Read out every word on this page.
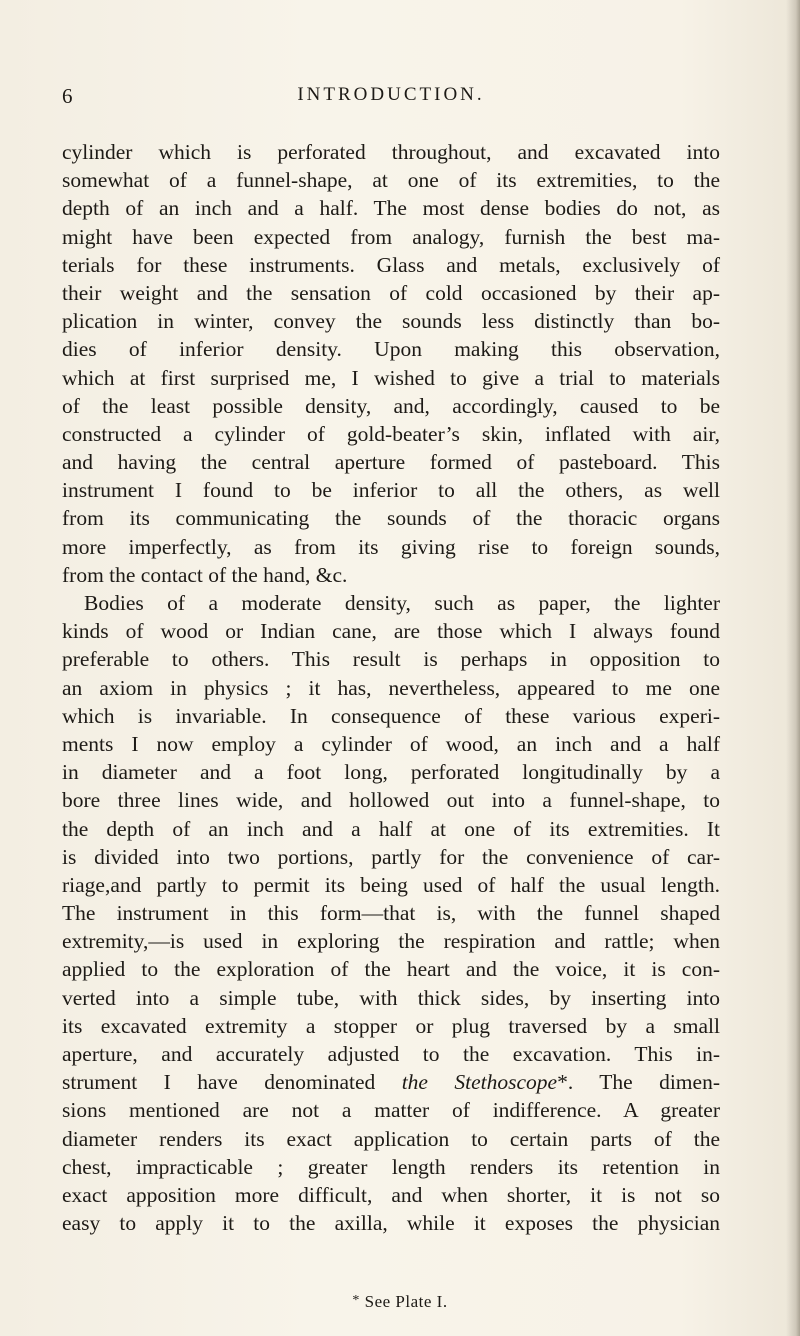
6	INTRODUCTION.
cylinder which is perforated throughout, and excavated into
somewhat of a funnel-shape, at one of its extremities, to the
depth of an inch and a half. The most dense bodies do not, as
might have been expected from analogy, furnish the best ma-
terials for these instruments. Glass and metals, exclusively of
their weight and the sensation of cold occasioned by their ap-
plication in winter, convey the sounds less distinctly than bo-
dies of inferior density. Upon making this observation,
which at first surprised me, I wished to give a trial to materials
of the least possible density, and, accordingly, caused to be
constructed a cylinder of gold-beater’s skin, inflated with air,
and having the central aperture formed of pasteboard. This
instrument I found to be inferior to all the others, as well
from its communicating the sounds of the thoracic organs
more imperfectly, as from its giving rise to foreign sounds,
from the contact of the hand, &c.
Bodies of a moderate density, such as paper, the lighter
kinds of wood or Indian cane, are those which I always found
preferable to others. This result is perhaps in opposition to
an axiom in physics ; it has, nevertheless, appeared to me one
which is invariable. In consequence of these various experi-
ments I now employ a cylinder of wood, an inch and a half
in diameter and a foot long, perforated longitudinally by a
bore three lines wide, and hollowed out into a funnel-shape, to
the depth of an inch and a half at one of its extremities. It
is divided into two portions, partly for the convenience of car-
riage,and partly to permit its being used of half the usual length.
The instrument in this form—that is, with the funnel shaped
extremity,—is used in exploring the respiration and rattle; when
applied to the exploration of the heart and the voice, it is con-
verted into a simple tube, with thick sides, by inserting into
its excavated extremity a stopper or plug traversed by a small
aperture, and accurately adjusted to the excavation. This in-
strument I have denominated the Stethoscope*. The dimen-
sions mentioned are not a matter of indifference. A greater
diameter renders its exact application to certain parts of the
chest, impracticable ; greater length renders its retention in
exact apposition more difficult, and when shorter, it is not so
easy to apply it to the axilla, while it exposes the physician
* See Plate I.
